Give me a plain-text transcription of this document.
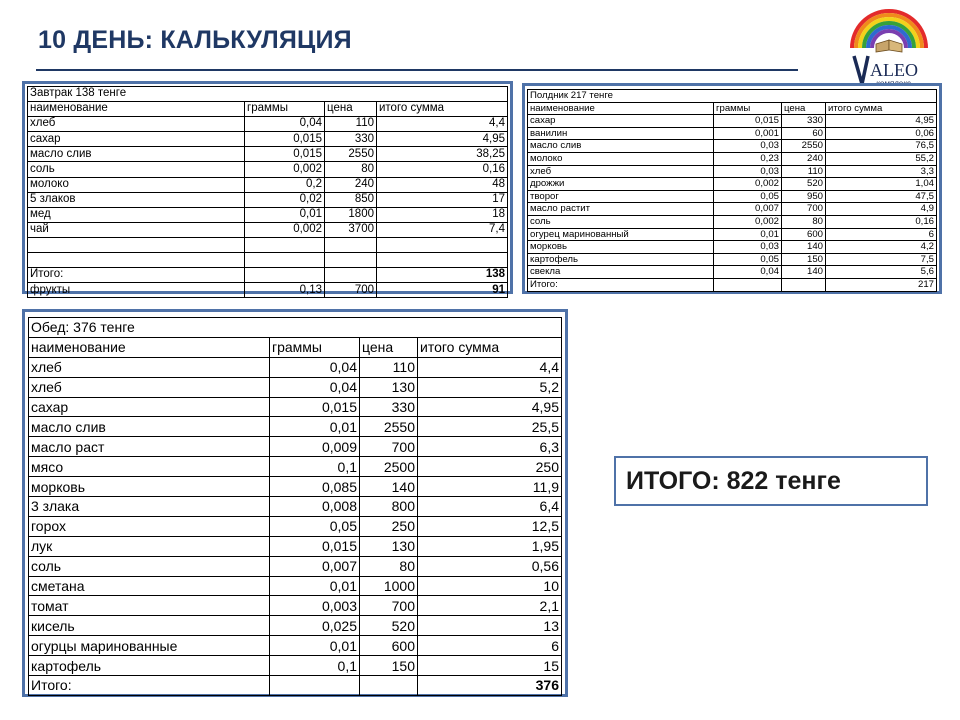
10 ДЕНЬ: КАЛЬКУЛЯЦИЯ
ALEO
Завтрак 138 тенге			
наименование	граммы	цена	итого сумма
хлеб	0,04	110	4,4
сахар	0,015	330	4,95
масло слив	0,015	2550	38,25
соль	0,002	80	0,16
молоко	0,2	240	48
5 злаков	0,02	850	17
мед	0,01	1800	18
чай	0,002	3700	7,4

Итого:			138
фрукты	0,13	700	91
Полдник 217 тенге			
наименование	граммы	цена	итого сумма
сахар	0,015	330	4,95
ванилин	0,001	60	0,06
масло слив	0,03	2550	76,5
молоко	0,23	240	55,2
хлеб	0,03	110	3,3
дрожжи	0,002	520	1,04
творог	0,05	950	47,5
масло растит	0,007	700	4,9
соль	0,002	80	0,16
огурец маринованный	0,01	600	6
морковь	0,03	140	4,2
картофель	0,05	150	7,5
свекла	0,04	140	5,6
Итого:			217
Обед: 376 тенге			
наименование	граммы	цена	итого сумма
хлеб	0,04	110	4,4
хлеб	0,04	130	5,2
сахар	0,015	330	4,95
масло слив	0,01	2550	25,5
масло раст	0,009	700	6,3
мясо	0,1	2500	250
морковь	0,085	140	11,9
3 злака	0,008	800	6,4
горох	0,05	250	12,5
лук	0,015	130	1,95
соль	0,007	80	0,56
сметана	0,01	1000	10
томат	0,003	700	2,1
кисель	0,025	520	13
огурцы маринованные	0,01	600	6
картофель	0,1	150	15
Итого:			376
ИТОГО: 822 тенге
